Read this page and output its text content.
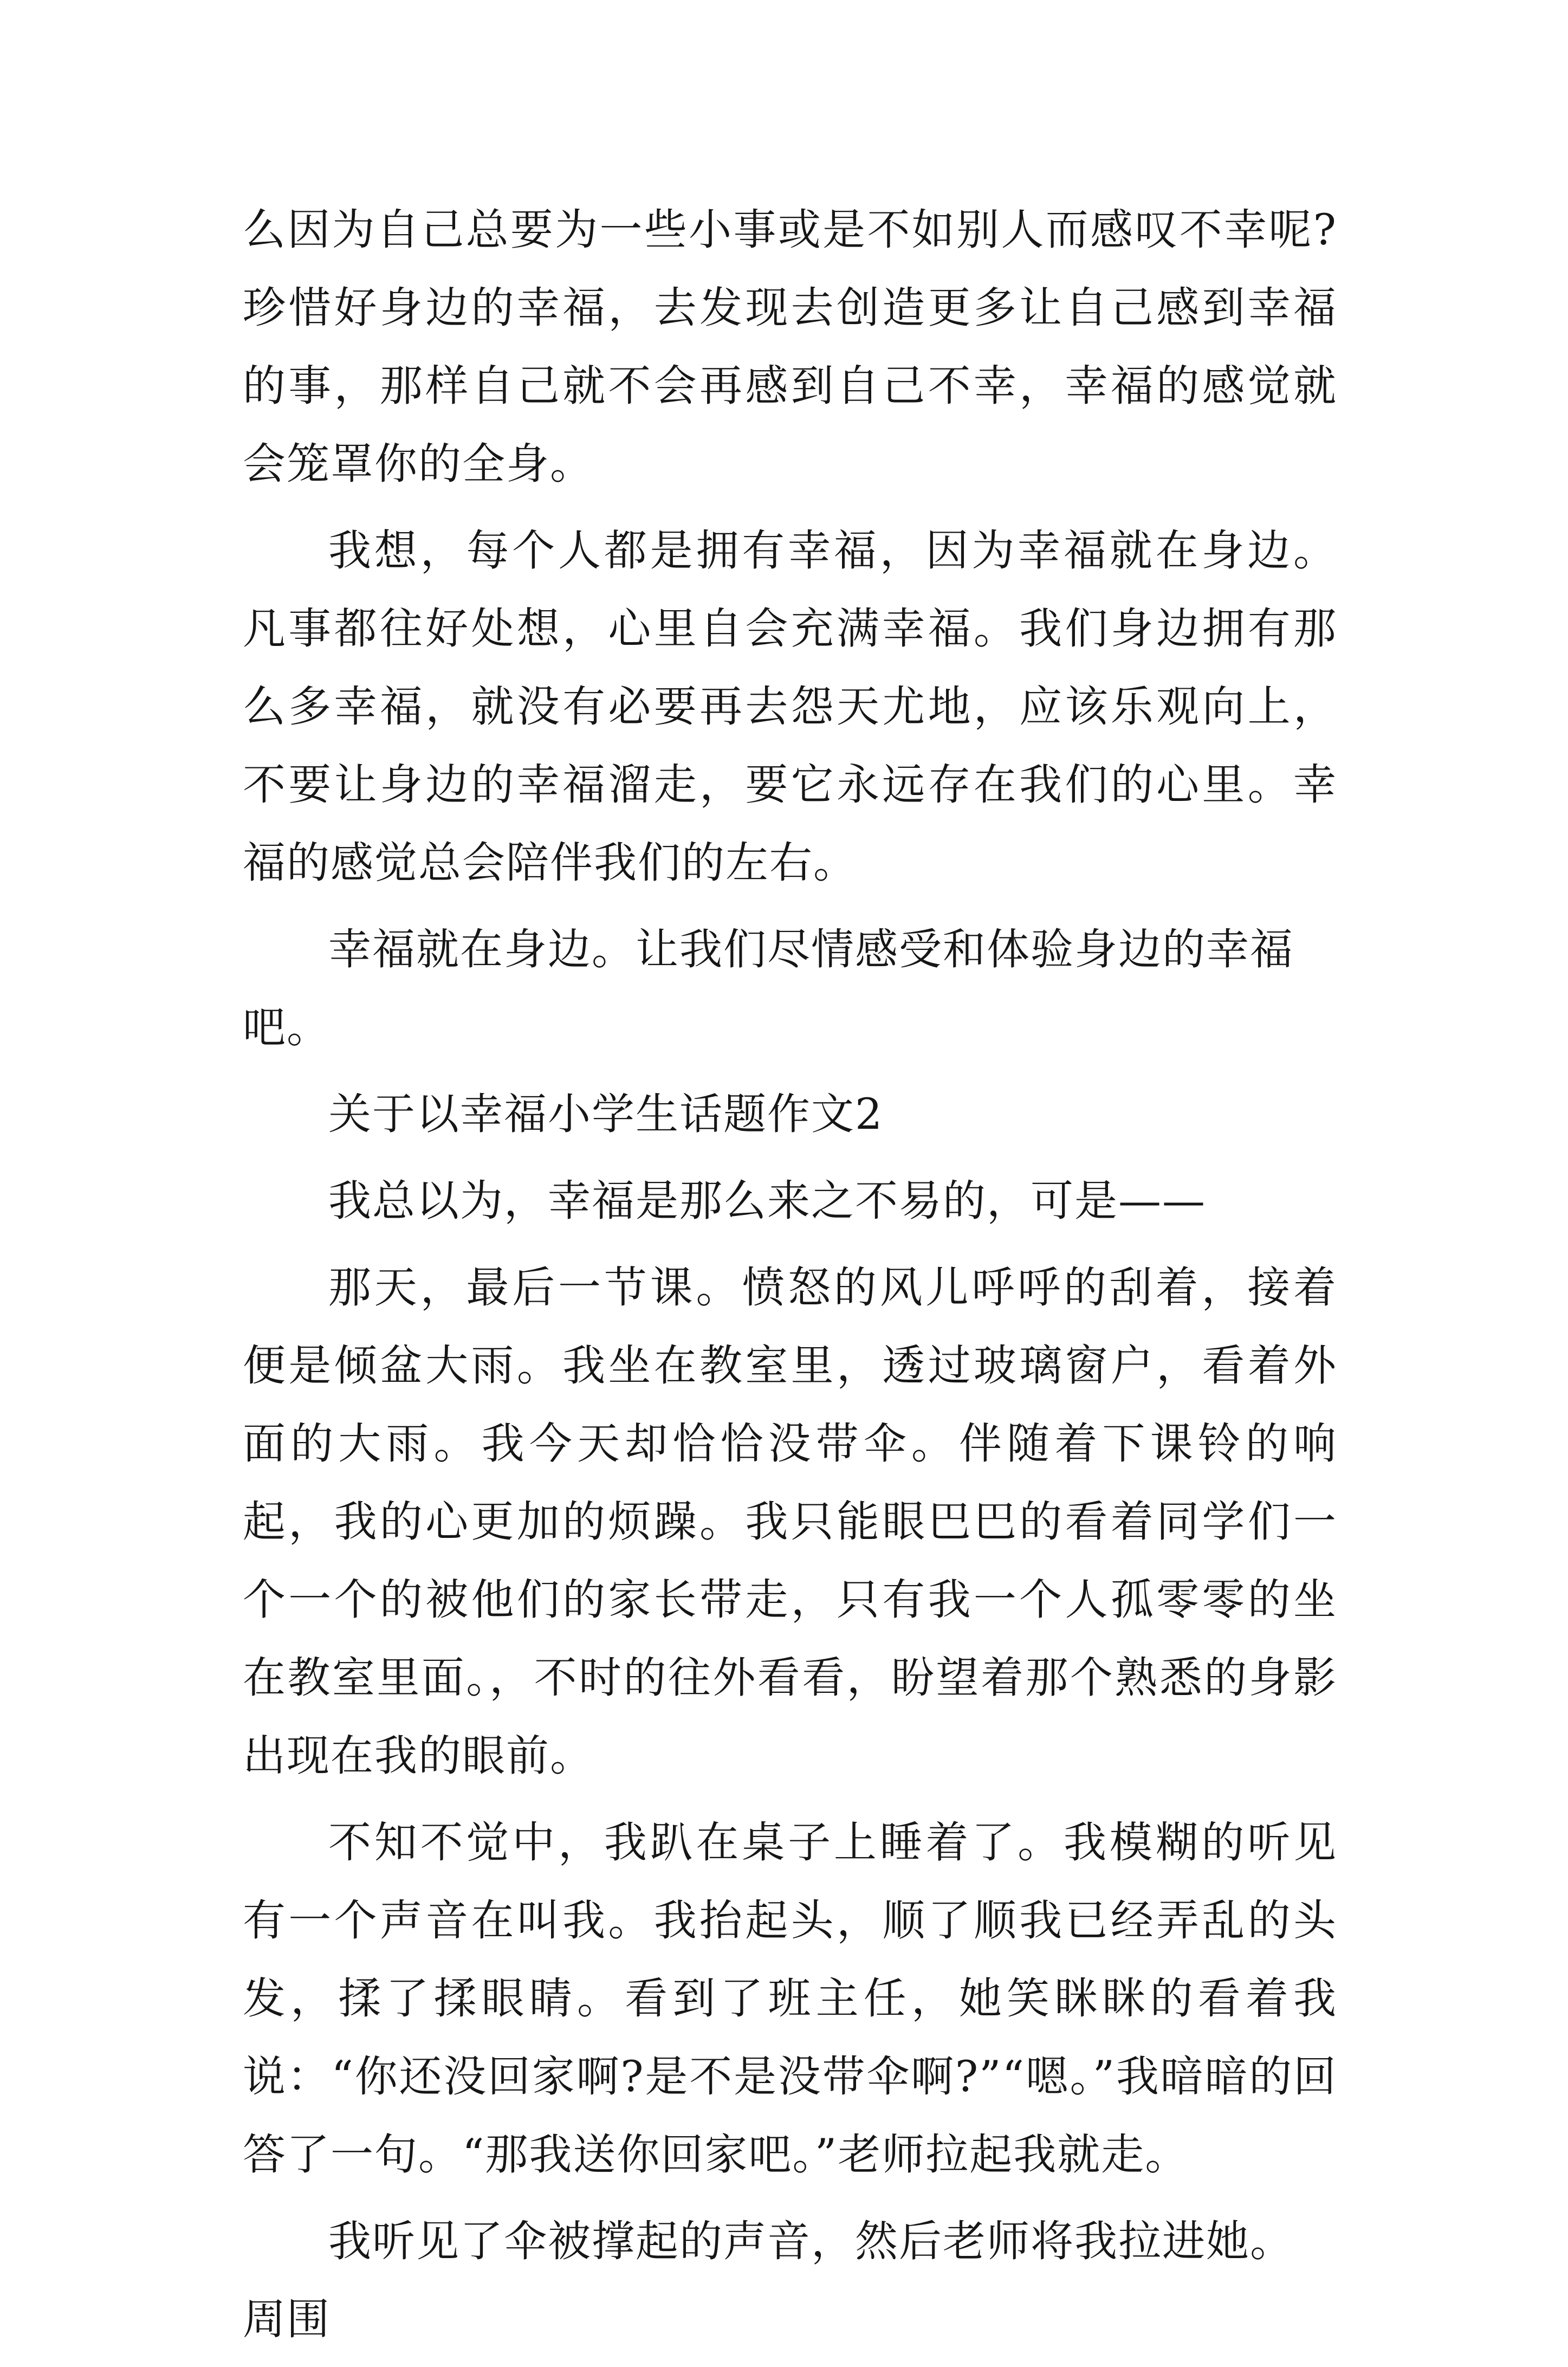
么因为自己总要为一些小事或是不如别人而感叹不幸呢?珍惜好身边的幸福，去发现去创造更多让自己感到幸福的事，那样自己就不会再感到自己不幸，幸福的感觉就会笼罩你的全身。

我想，每个人都是拥有幸福，因为幸福就在身边。凡事都往好处想，心里自会充满幸福。我们身边拥有那么多幸福，就没有必要再去怨天尤地，应该乐观向上，不要让身边的幸福溜走，要它永远存在我们的心里。幸福的感觉总会陪伴我们的左右。

幸福就在身边。让我们尽情感受和体验身边的幸福吧。

关于以幸福小学生话题作文2

我总以为，幸福是那么来之不易的，可是——

那天，最后一节课。愤怒的风儿呼呼的刮着，接着便是倾盆大雨。我坐在教室里，透过玻璃窗户，看着外面的大雨。我今天却恰恰没带伞。伴随着下课铃的响起，我的心更加的烦躁。我只能眼巴巴的看着同学们一个一个的被他们的家长带走，只有我一个人孤零零的坐在教室里面。，不时的往外看看，盼望着那个熟悉的身影出现在我的眼前。

不知不觉中，我趴在桌子上睡着了。我模糊的听见有一个声音在叫我。我抬起头，顺了顺我已经弄乱的头发，揉了揉眼睛。看到了班主任，她笑眯眯的看着我说：“你还没回家啊?是不是没带伞啊?”“嗯。”我暗暗的回答了一句。“那我送你回家吧。”老师拉起我就走。

我听见了伞被撑起的声音，然后老师将我拉进她。周围
